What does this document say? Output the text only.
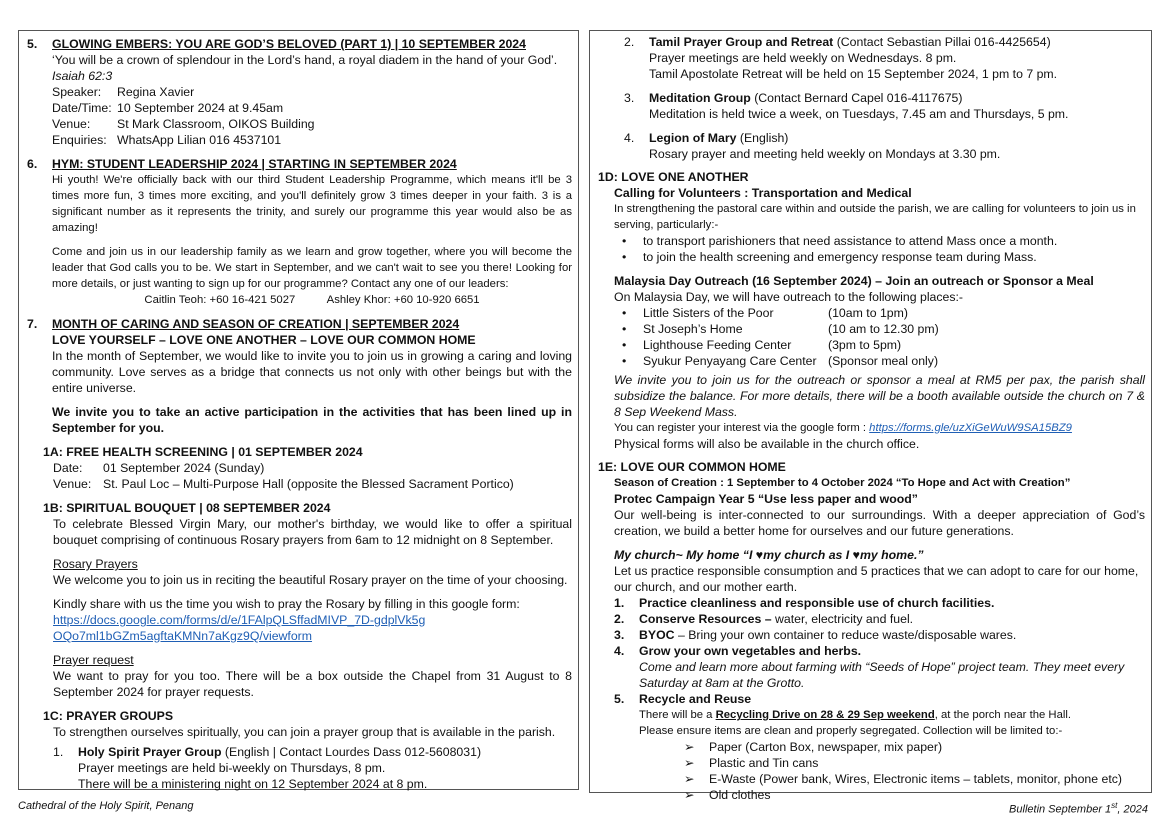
5.	GLOWING EMBERS: YOU ARE GOD’S BELOVED (PART 1) | 10 SEPTEMBER 2024
‘You will be a crown of splendour in the Lord’s hand, a royal diadem in the hand of your God’. Isaiah 62:3
Speaker:	Regina Xavier
Date/Time: 10 September 2024 at 9.45am
Venue:	St Mark Classroom, OIKOS Building
Enquiries: WhatsApp Lilian 016 4537101
6.	HYM: STUDENT LEADERSHIP 2024 | STARTING IN SEPTEMBER 2024

Hi youth! We're officially back with our third Student Leadership Programme, which means it'll be 3 times more fun, 3 times more exciting, and you'll definitely grow 3 times deeper in your faith. 3 is a significant number as it represents the trinity, and surely our programme this year would also be as amazing!

Come and join us in our leadership family as we learn and grow together, where you will become the leader that God calls you to be. We start in September, and we can't wait to see you there! Looking for more details, or just wanting to sign up for our programme? Contact any one of our leaders:

Caitlin Teoh: +60 16-421 5027	Ashley Khor: +60 10-920 6651
7.	MONTH OF CARING AND SEASON OF CREATION | SEPTEMBER 2024
LOVE YOURSELF – LOVE ONE ANOTHER – LOVE OUR COMMON HOME

In the month of September, we would like to invite you to join us in growing a caring and loving community. Love serves as a bridge that connects us not only with other beings but with the entire universe.

We invite you to take an active participation in the activities that has been lined up in September for you.

1A: FREE HEALTH SCREENING | 01 SEPTEMBER 2024
Date:	01 September 2024 (Sunday)
Venue: St. Paul Loc – Multi-Purpose Hall (opposite the Blessed Sacrament Portico)
1B: SPIRITUAL BOUQUET | 08 SEPTEMBER 2024

To celebrate Blessed Virgin Mary, our mother's birthday, we would like to offer a spiritual bouquet comprising of continuous Rosary prayers from 6am to 12 midnight on 8 September.

Rosary Prayers

We welcome you to join us in reciting the beautiful Rosary prayer on the time of your choosing.

Kindly share with us the time you wish to pray the Rosary by filling in this google form:

https://docs.google.com/forms/d/e/1FAlpQLSffadMIVP_7D-gdplVk5g
OQo7ml1bGZm5agftaKMNn7aKgz9Q/viewform
Prayer request

We want to pray for you too. There will be a box outside the Chapel from 31 August to 8 September 2024 for prayer requests.

1C: PRAYER GROUPS

To strengthen ourselves spiritually, you can join a prayer group that is available in the parish.

1.	Holy Spirit Prayer Group (English | Contact Lourdes Dass 012-5608031)
Prayer meetings are held bi-weekly on Thursdays, 8 pm.
There will be a ministering night on 12 September 2024 at 8 pm.
2.	Tamil Prayer Group and Retreat (Contact Sebastian Pillai 016-4425654)
Prayer meetings are held weekly on Wednesdays. 8 pm.
Tamil Apostolate Retreat will be held on 15 September 2024, 1 pm to 7 pm.
3.	Meditation Group (Contact Bernard Capel 016-4117675)
Meditation is held twice a week, on Tuesdays, 7.45 am and Thursdays, 5 pm.
4.	Legion of Mary (English)
Rosary prayer and meeting held weekly on Mondays at 3.30 pm.
1D: LOVE ONE ANOTHER
Calling for Volunteers : Transportation and Medical

In strengthening the pastoral care within and outside the parish, we are calling for volunteers to join us in serving, particularly:-

•	to transport parishioners that need assistance to attend Mass once a month.
•	to join the health screening and emergency response team during Mass.
Malaysia Day Outreach (16 September 2024) – Join an outreach or Sponsor a Meal

On Malaysia Day, we will have outreach to the following places:-

•	Little Sisters of the Poor	(10am to 1pm)
•	St Joseph’s Home	(10 am to 12.30 pm)
•	Lighthouse Feeding Center	(3pm to 5pm)
•	Syukur Penyayang Care Center (Sponsor meal only)

We invite you to join us for the outreach or sponsor a meal at RM5 per pax, the parish shall subsidize the balance. For more details, there will be a booth available outside the church on 7 & 8 Sep Weekend Mass.

You can register your interest via the google form : https://forms.gle/uzXiGeWuW9SA15BZ9

Physical forms will also be available in the church office.

1E: LOVE OUR COMMON HOME
Season of Creation : 1 September to 4 October 2024 “To Hope and Act with Creation”
Protec Campaign Year 5 “Use less paper and wood”

Our well-being is inter-connected to our surroundings. With a deeper appreciation of God’s creation, we build a better home for ourselves and our future generations.

My church~ My home “I ♥my church as I ♥my home.”

Let us practice responsible consumption and 5 practices that we can adopt to care for our home, our church, and our mother earth.

1.	Practice cleanliness and responsible use of church facilities.
2.	Conserve Resources – water, electricity and fuel.
3.	BYOC – Bring your own container to reduce waste/disposable wares.
4.	Grow your own vegetables and herbs.

Come and learn more about farming with “Seeds of Hope” project team. They meet every Saturday at 8am at the Grotto.

5.	Recycle and Reuse
There will be a Recycling Drive on 28 & 29 Sep weekend, at the porch near the Hall.
Please ensure items are clean and properly segregated. Collection will be limited to:-
➢	Paper (Carton Box, newspaper, mix paper)
➢	Plastic and Tin cans
➢	E-Waste (Power bank, Wires, Electronic items – tablets, monitor, phone etc)
➢	Old clothes
Cathedral of the Holy Spirit, Penang	Bulletin September 1st, 2024
